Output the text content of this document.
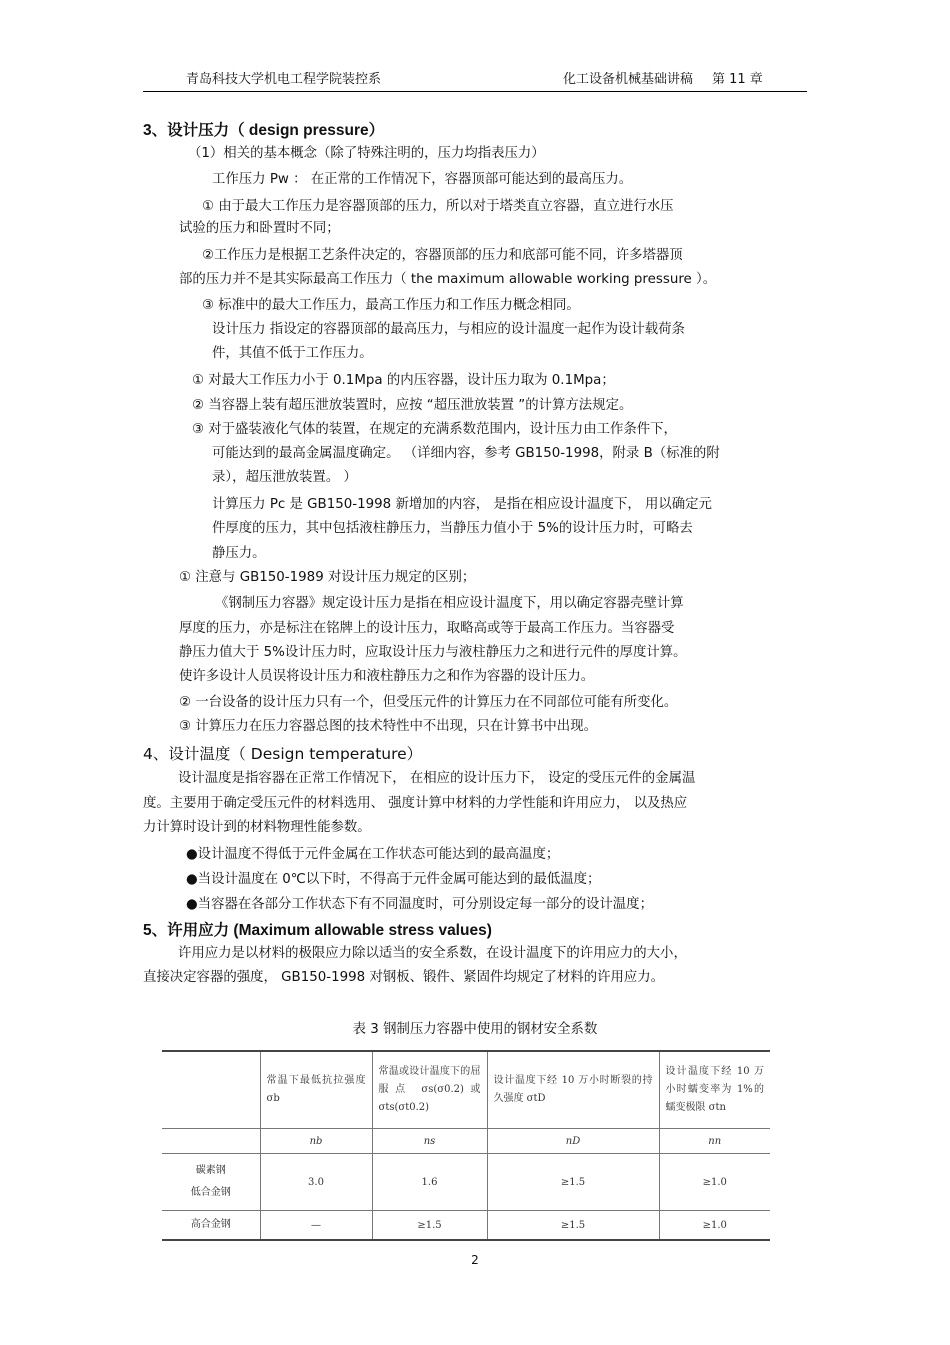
青岛科技大学机电工程学院装控系	化工设备机械基础讲稿 第 11 章
3、设计压力（ design pressure）
（1）相关的基本概念（除了特殊注明的，压力均指表压力）
工作压力 Pw ： 在正常的工作情况下，容器顶部可能达到的最高压力。
① 由于最大工作压力是容器顶部的压力，所以对于塔类直立容器，直立进行水压
试验的压力和卧置时不同；
②工作压力是根据工艺条件决定的，容器顶部的压力和底部可能不同，许多塔器顶
部的压力并不是其实际最高工作压力（ the maximum allowable working pressure ）。
③ 标准中的最大工作压力，最高工作压力和工作压力概念相同。
设计压力 指设定的容器顶部的最高压力，与相应的设计温度一起作为设计载荷条
件，其值不低于工作压力。
① 对最大工作压力小于 0.1Mpa 的内压容器，设计压力取为 0.1Mpa；
② 当容器上装有超压泄放装置时，应按 “超压泄放装置 ”的计算方法规定。
③ 对于盛装液化气体的装置，在规定的充满系数范围内，设计压力由工作条件下，
可能达到的最高金属温度确定。 （详细内容，参考 GB150-1998，附录 B（标准的附
录），超压泄放装置。 ）
计算压力 Pc 是 GB150-1998 新增加的内容， 是指在相应设计温度下， 用以确定元
件厚度的压力，其中包括液柱静压力，当静压力值小于 5%的设计压力时，可略去
静压力。
① 注意与 GB150-1989 对设计压力规定的区别；
《钢制压力容器》规定设计压力是指在相应设计温度下，用以确定容器壳壁计算
厚度的压力，亦是标注在铭牌上的设计压力，取略高或等于最高工作压力。当容器受
静压力值大于 5%设计压力时，应取设计压力与液柱静压力之和进行元件的厚度计算。
使许多设计人员误将设计压力和液柱静压力之和作为容器的设计压力。
② 一台设备的设计压力只有一个，但受压元件的计算压力在不同部位可能有所变化。
③ 计算压力在压力容器总图的技术特性中不出现，只在计算书中出现。
4、设计温度（ Design temperature）
设计温度是指容器在正常工作情况下， 在相应的设计压力下， 设定的受压元件的金属温
度。主要用于确定受压元件的材料选用、 强度计算中材料的力学性能和许用应力， 以及热应
力计算时设计到的材料物理性能参数。
●设计温度不得低于元件金属在工作状态可能达到的最高温度；
●当设计温度在 0℃以下时，不得高于元件金属可能达到的最低温度；
●当容器在各部分工作状态下有不同温度时，可分别设定每一部分的设计温度；
5、许用应力 (Maximum allowable stress values)
许用应力是以材料的极限应力除以适当的安全系数，在设计温度下的许用应力的大小，
直接决定容器的强度， GB150-1998 对钢板、锻件、紧固件均规定了材料的许用应力。
表 3 钢制压力容器中使用的钢材安全系数
	常温下最低抗拉强度 σb	常温或设计温度下的屈服点 σs(σ0.2)或σts(σt0.2)	设计温度下经 10 万小时断裂的持久强度 σtD	设计温度下经 10 万小时蠕变率为 1%的蠕变极限 σtn
	nb	ns	nD	nn

碳素钢
低合金钢	3.0	1.6	≥1.5	≥1.0
高合金钢	—	≥1.5	≥1.5	≥1.0
2
